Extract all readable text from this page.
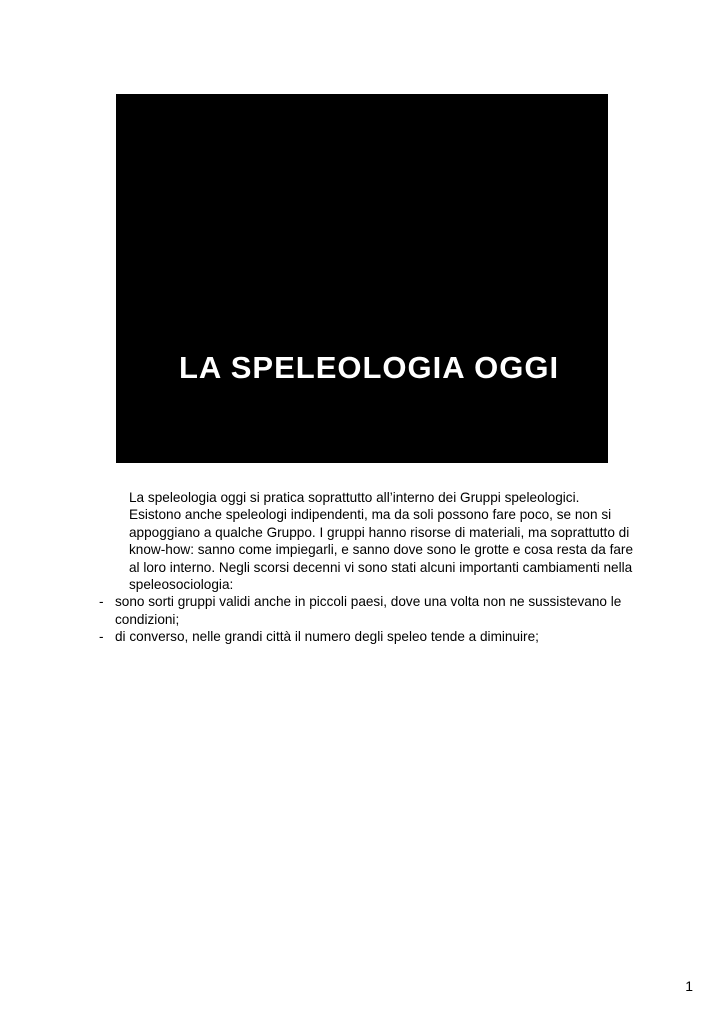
LA SPELEOLOGIA OGGI

La speleologia oggi si pratica soprattutto all’interno dei Gruppi speleologici. Esistono anche speleologi indipendenti, ma da soli possono fare poco, se non si appoggiano a qualche Gruppo. I gruppi hanno risorse di materiali, ma soprattutto di know-how: sanno come impiegarli, e sanno dove sono le grotte e cosa resta da fare al loro interno. Negli scorsi decenni vi sono stati alcuni importanti cambiamenti nella speleosociologia:

- sono sorti gruppi validi anche in piccoli paesi, dove una volta non ne sussistevano le condizioni;
- di converso, nelle grandi città il numero degli speleo tende a diminuire;
1
